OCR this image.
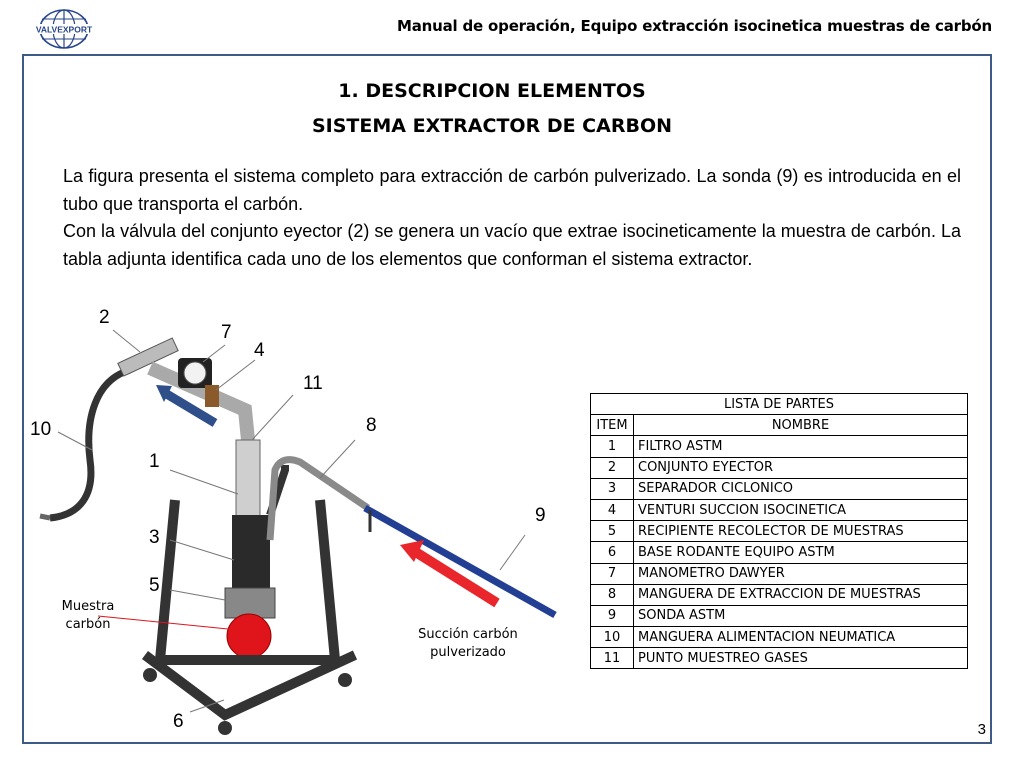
VALVEXPORT	Manual de operación, Equipo extracción isocinetica muestras de carbón
1. DESCRIPCION ELEMENTOS
SISTEMA EXTRACTOR DE CARBON

La figura presenta el sistema completo para extracción de carbón pulverizado. La sonda (9) es introducida en el tubo que transporta el carbón.

Con la válvula del conjunto eyector (2) se genera un vacío que extrae isocineticamente la muestra de carbón. La tabla adjunta identifica cada uno de los elementos que conforman el sistema extractor.

2
7
4
11
10	8
1
9
3
5
6
Muestra
carbón
Succión carbón
pulverizado
LISTA DE PARTES	
ITEM	NOMBRE
1	FILTRO ASTM
2	CONJUNTO EYECTOR
3	SEPARADOR CICLONICO
4	VENTURI SUCCION ISOCINETICA
5	RECIPIENTE RECOLECTOR DE MUESTRAS
6	BASE RODANTE EQUIPO ASTM
7	MANOMETRO DAWYER
8	MANGUERA DE EXTRACCION DE MUESTRAS
9	SONDA ASTM
10	MANGUERA ALIMENTACION NEUMATICA
11	PUNTO MUESTREO GASES
3
